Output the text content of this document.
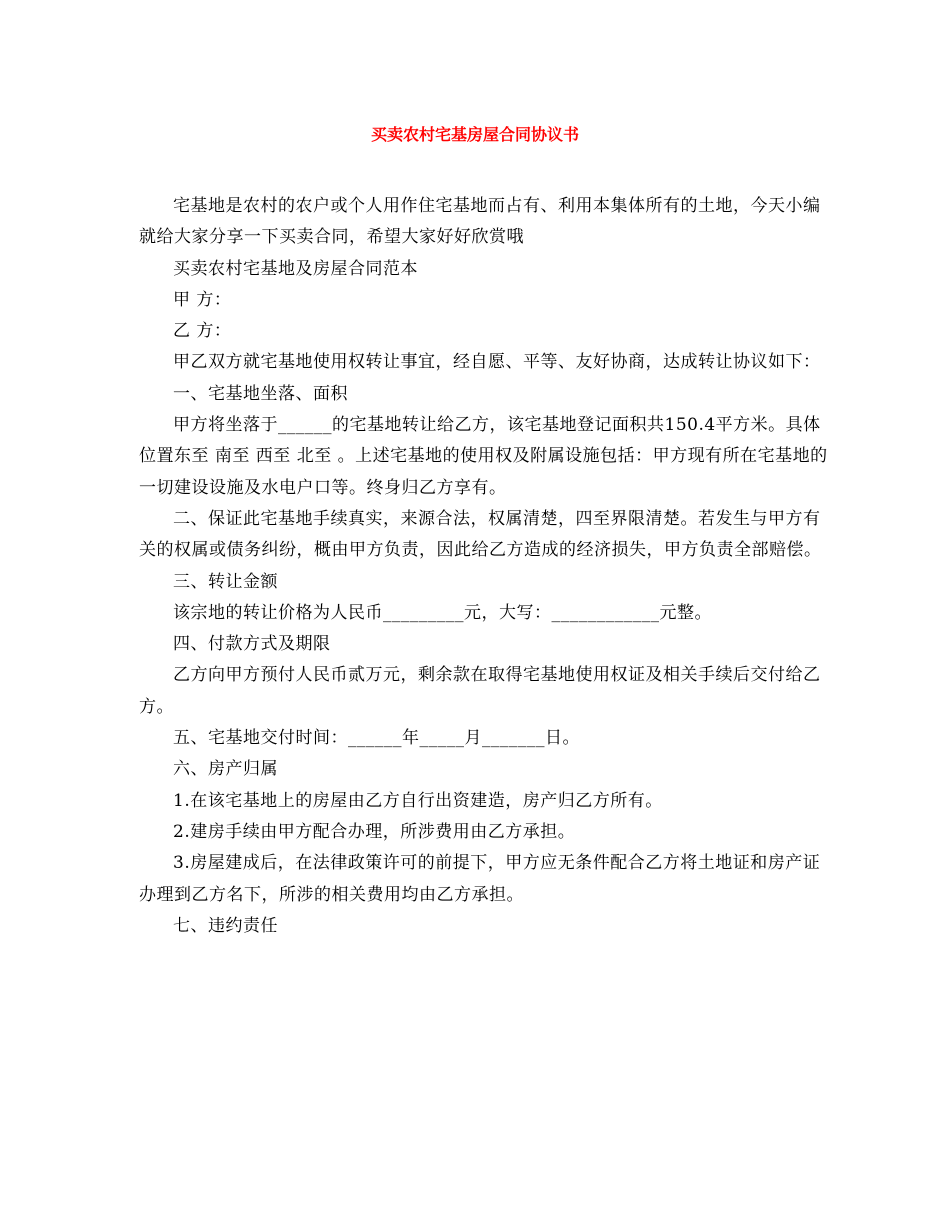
买卖农村宅基房屋合同协议书

宅基地是农村的农户或个人用作住宅基地而占有、利用本集体所有的土地，今天小编就给大家分享一下买卖合同，希望大家好好欣赏哦

买卖农村宅基地及房屋合同范本

甲 方：

乙 方：

甲乙双方就宅基地使用权转让事宜，经自愿、平等、友好协商，达成转让协议如下：

一、宅基地坐落、面积

甲方将坐落于______的宅基地转让给乙方，该宅基地登记面积共150.4平方米。具体位置东至 南至 西至 北至 。上述宅基地的使用权及附属设施包括：甲方现有所在宅基地的一切建设设施及水电户口等。终身归乙方享有。

二、保证此宅基地手续真实，来源合法，权属清楚，四至界限清楚。若发生与甲方有关的权属或债务纠纷，概由甲方负责，因此给乙方造成的经济损失，甲方负责全部赔偿。

三、转让金额

该宗地的转让价格为人民币_________元，大写：____________元整。

四、付款方式及期限

乙方向甲方预付人民币贰万元，剩余款在取得宅基地使用权证及相关手续后交付给乙方。

五、宅基地交付时间：______年_____月_______日。

六、房产归属

1.在该宅基地上的房屋由乙方自行出资建造，房产归乙方所有。

2.建房手续由甲方配合办理，所涉费用由乙方承担。

3.房屋建成后，在法律政策许可的前提下，甲方应无条件配合乙方将土地证和房产证办理到乙方名下，所涉的相关费用均由乙方承担。

七、违约责任
